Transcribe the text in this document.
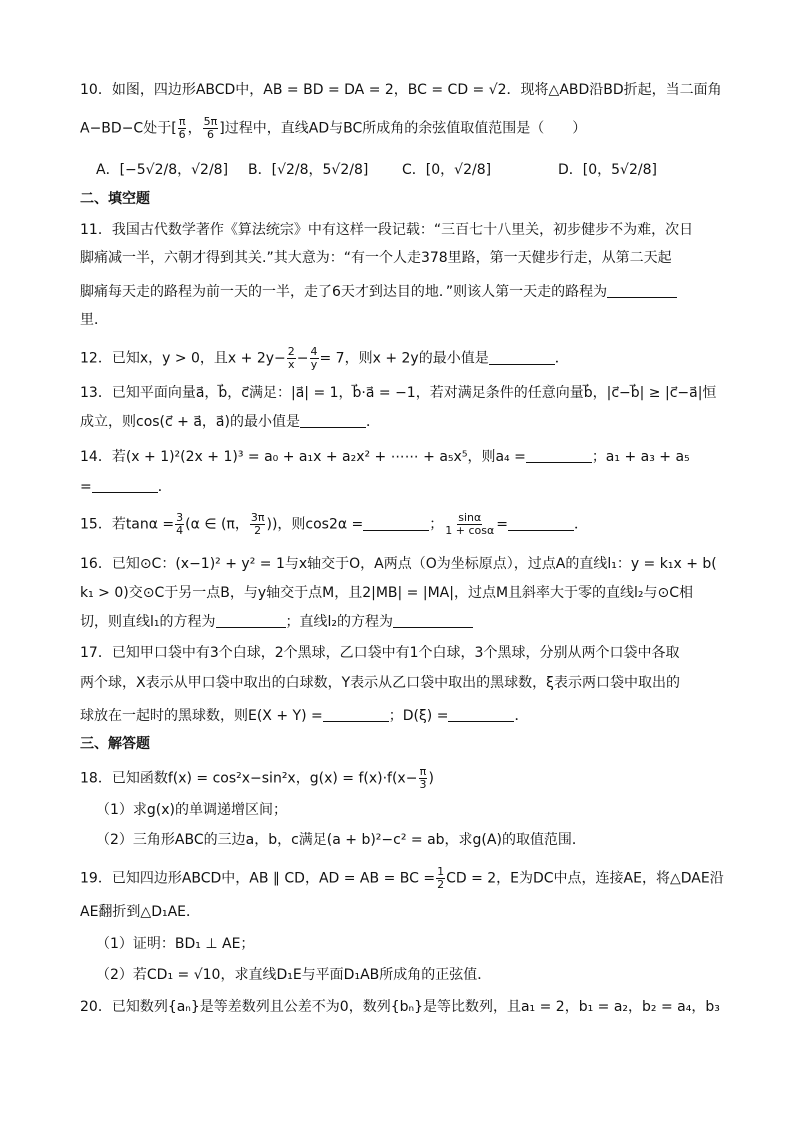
10．如图，四边形ABCD中，AB = BD = DA = 2，BC = CD = √2．现将△ABD沿BD折起，当二面角
A−BD−C处于[ $\frac{\pi}{6}$ ， $\frac{5\pi}{6}$ ]过程中，直线AD与BC所成角的余弦值取值范围是（　　）
A．[−5√2/8，√2/8] B．[√2/8，5√2/8] C．[0，√2/8]	D．[0，5√2/8]
二、填空题
11．我国古代数学著作《算法统宗》中有这样一段记载：“三百七十八里关，初步健步不为难，次日
脚痛减一半，六朝才得到其关.”其大意为：“有一个人走378里路，第一天健步行走，从第二天起
脚痛每天走的路程为前一天的一半，走了6天才到达目的地．”则该人第一天走的路程为
里．
12．已知x，y > 0，且$x + 2y- \frac{2}{x} - \frac{4}{y} = 7$，则x + 2y的最小值是	．
13．已知平面向量a⃗，b⃗，c⃗满足：|a⃗| = 1，b⃗·a⃗ = −1，若对满足条件的任意向量b⃗，|c⃗−b⃗| ≥ |c⃗−a⃗|恒
成立，则cos(c⃗ + a⃗，a⃗)的最小值是	．
14．若(x + 1)²(2x + 1)³ = a₀ + a₁x + a₂x² + ⋯⋯ + a₅x⁵，则a₄ =	；a₁ + a₃ + a₅
=	．
15．若$\tan\alpha = \frac{3}{4} (\alpha$ ∈ (π， $\frac{3\pi}{2}$ ))，则cos2α =	； $\frac{\sin\alpha}{1 + \cos\alpha}$ =	．
16．已知⊙C：(x−1)² + y² = 1与x轴交于O，A两点（O为坐标原点），过点A的直线l₁：y = k₁x + b(
k₁ > 0)交⊙C于另一点B，与y轴交于点M，且2|MB| = |MA|，过点M且斜率大于零的直线l₂与⊙C相
切，则直线l₁的方程为	；直线l₂的方程为
17．已知甲口袋中有3个白球，2个黑球，乙口袋中有1个白球，3个黑球，分别从两个口袋中各取
两个球，X表示从甲口袋中取出的白球数，Y表示从乙口袋中取出的黑球数，ξ表示两口袋中取出的
球放在一起时的黑球数，则E(X + Y) =	；D(ξ) =	．
三、解答题
18．已知函数f(x) = cos²x−sin²x，$g(x) = f(x)\cdot f(x- \frac{\pi}{3}$ )
（1）求g(x)的单调递增区间；
（2）三角形ABC的三边a，b，c满足(a + b)²−c² = ab，求g(A)的取值范围．
19．已知四边形ABCD中，AB ∥ CD，AD = AB = BC = $\frac{1}{2}$ CD = 2，E为DC中点，连接AE，将△DAE沿
AE翻折到△D₁AE．
（1）证明：BD₁ ⊥ AE；
（2）若CD₁ = √10，求直线D₁E与平面D₁AB所成角的正弦值．
20．已知数列{aₙ}是等差数列且公差不为0，数列{bₙ}是等比数列，且a₁ = 2，b₁ = a₂，b₂ = a₄，b₃
